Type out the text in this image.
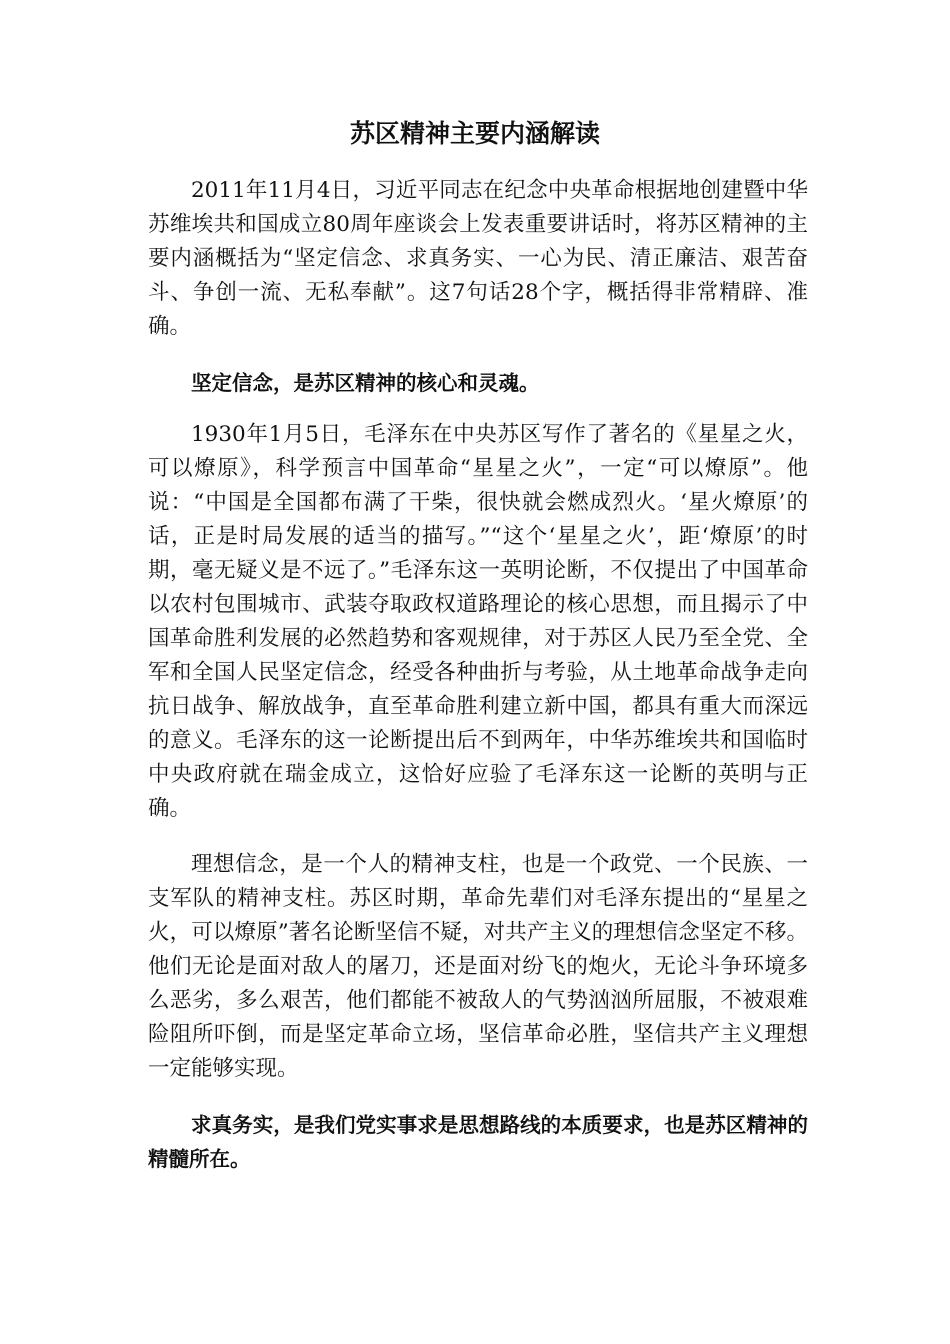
苏区精神主要内涵解读

2011年11月4日，习近平同志在纪念中央革命根据地创建暨中华苏维埃共和国成立80周年座谈会上发表重要讲话时，将苏区精神的主要内涵概括为“坚定信念、求真务实、一心为民、清正廉洁、艰苦奋斗、争创一流、无私奉献”。这7句话28个字，概括得非常精辟、准确。

坚定信念，是苏区精神的核心和灵魂。

1930年1月5日，毛泽东在中央苏区写作了著名的《星星之火，可以燎原》，科学预言中国革命“星星之火”，一定“可以燎原”。他说：“中国是全国都布满了干柴，很快就会燃成烈火。‘星火燎原’的话，正是时局发展的适当的描写。”“这个‘星星之火’，距‘燎原’的时期，毫无疑义是不远了。”毛泽东这一英明论断，不仅提出了中国革命以农村包围城市、武装夺取政权道路理论的核心思想，而且揭示了中国革命胜利发展的必然趋势和客观规律，对于苏区人民乃至全党、全军和全国人民坚定信念，经受各种曲折与考验，从土地革命战争走向抗日战争、解放战争，直至革命胜利建立新中国，都具有重大而深远的意义。毛泽东的这一论断提出后不到两年，中华苏维埃共和国临时中央政府就在瑞金成立，这恰好应验了毛泽东这一论断的英明与正确。

理想信念，是一个人的精神支柱，也是一个政党、一个民族、一支军队的精神支柱。苏区时期，革命先辈们对毛泽东提出的“星星之火，可以燎原”著名论断坚信不疑，对共产主义的理想信念坚定不移。他们无论是面对敌人的屠刀，还是面对纷飞的炮火，无论斗争环境多么恶劣，多么艰苦，他们都能不被敌人的气势汹汹所屈服，不被艰难险阻所吓倒，而是坚定革命立场，坚信革命必胜，坚信共产主义理想一定能够实现。

求真务实，是我们党实事求是思想路线的本质要求，也是苏区精神的精髓所在。
